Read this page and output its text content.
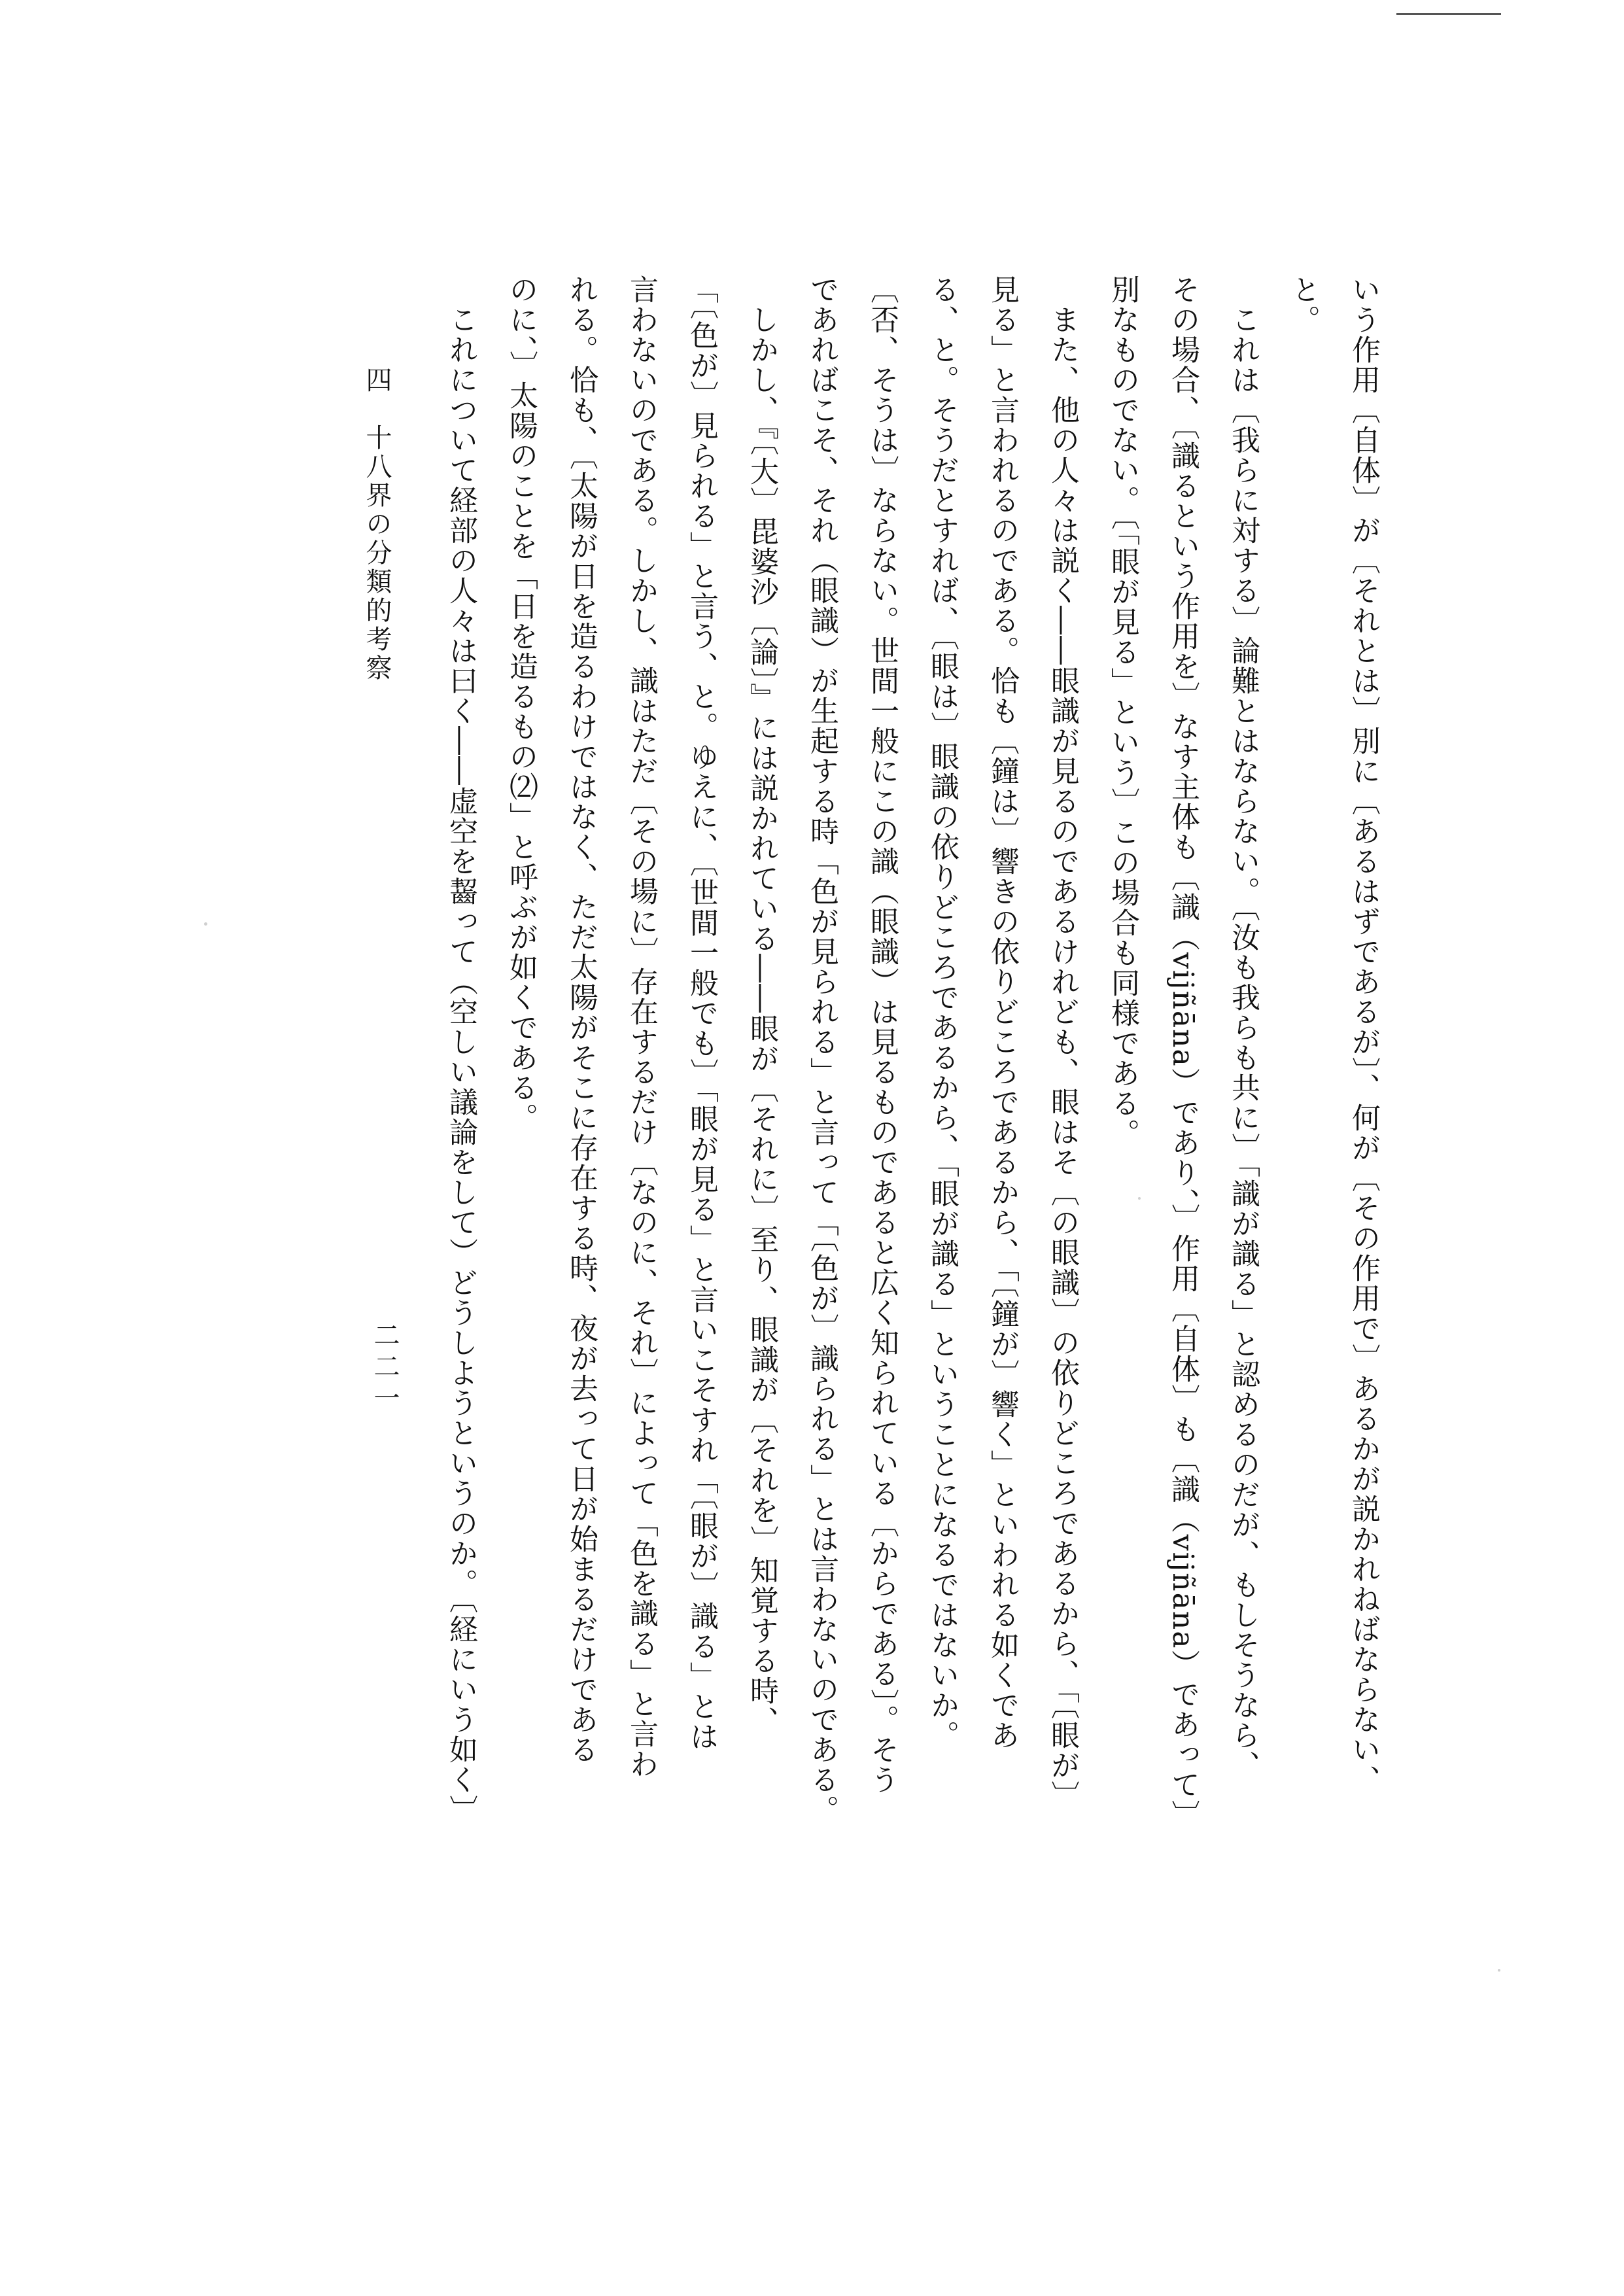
いう作用〔自体〕が〔それとは〕別に〔あるはずであるが〕、何が〔その作用で〕あるかが説かれねばならない、
と。
これは〔我らに対する〕論難とはならない。〔汝も我らも共に〕「識が識る」と認めるのだが、もしそうなら、
その場合、〔識るという作用を〕なす主体も〔識（vijñāna）であり、〕作用〔自体〕も〔識（vijñāna）であって〕
別なものでない。〔「眼が見る」という〕この場合も同様である。
また、他の人々は説く――眼識が見るのであるけれども、眼はそ〔の眼識〕の依りどころであるから、「〔眼が〕
見る」と言われるのである。恰も〔鐘は〕響きの依りどころであるから、「〔鐘が〕響く」といわれる如くであ
る、と。そうだとすれば、〔眼は〕眼識の依りどころであるから、「眼が識る」ということになるではないか。
〔否、そうは〕ならない。世間一般にこの識（眼識）は見るものであると広く知られている〔からである〕。そう
であればこそ、それ（眼識）が生起する時「色が見られる」と言って「〔色が〕識られる」とは言わないのである。
しかし、『〔大〕毘婆沙〔論〕』には説かれている――眼が〔それに〕至り、眼識が〔それを〕知覚する時、
「〔色が〕見られる」と言う、と。ゆえに、〔世間一般でも〕「眼が見る」と言いこそすれ「〔眼が〕識る」とは
言わないのである。しかし、識はただ〔その場に〕存在するだけ〔なのに、それ〕によって「色を識る」と言わ
れる。恰も、〔太陽が日を造るわけではなく、ただ太陽がそこに存在する時、夜が去って日が始まるだけである
のに、〕太陽のことを「日を造るもの⑵」と呼ぶが如くである。
これについて経部の人々は曰く――虚空を齧って（空しい議論をして）どうしようというのか。〔経にいう如く〕
四　十八界の分類的考察
二二一
